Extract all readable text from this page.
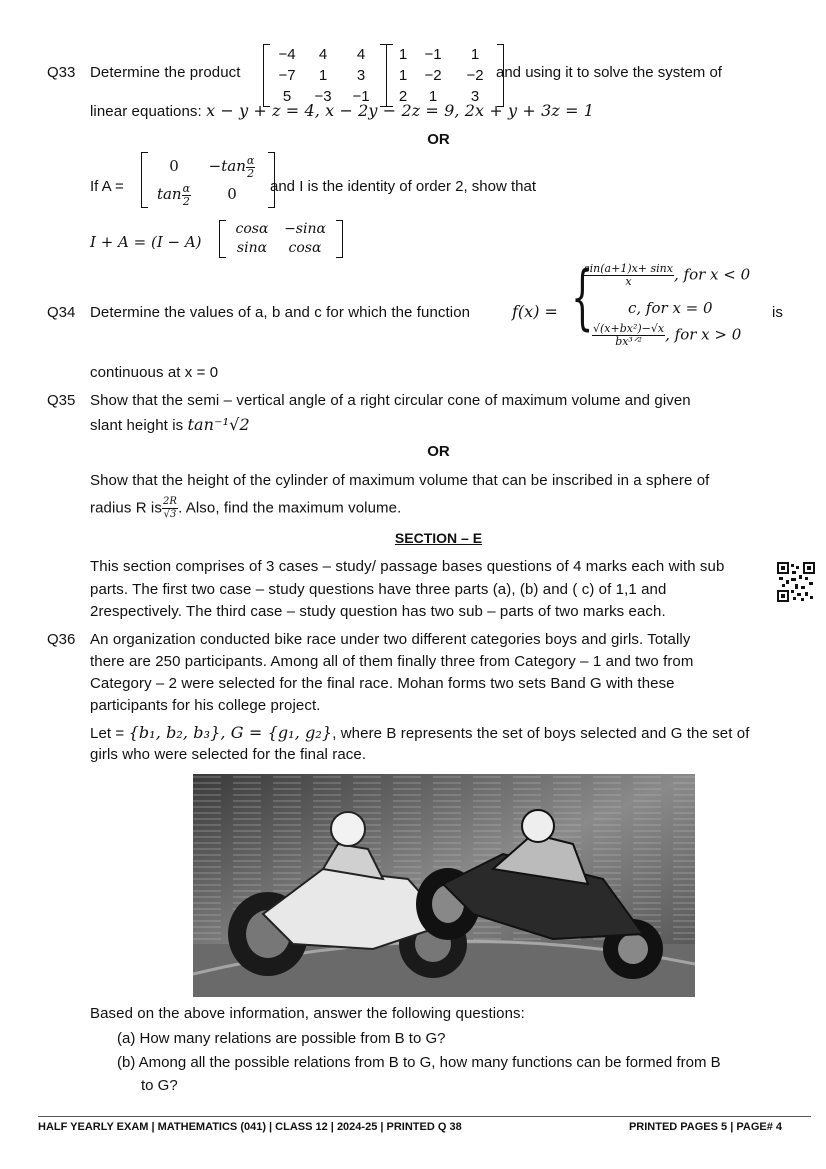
Q33 Determine the product
−4	4	4
−7	1	3
5	−3	−1
1	−1	1
1	−2	−2
2	1	3
and using it to solve the system of
linear equations: x − y + z = 4, x − 2y − 2z = 9, 2x + y + 3z = 1
OR
If A =
0	$-\tan \frac{\alpha}{2}$
$\tan \frac{\alpha}{2}$	0	and I is the identity of order 2, show that
I + A = (I − A)
cosα	−sinα
sinα	cosα
Q34 Determine the values of a, b and c for which the function	f(x) = {
$\frac{\sin(a+1)x+ \sin x}{x}$ , for x < 0
c, for x = 0
$\frac{\text{√(x+bx²)−√x}}{\text{bx³ᐟ²}}$ , for x > 0
is
continuous at x = 0
Q35 Show that the semi – vertical angle of a right circular cone of maximum volume and given
slant height is tan⁻¹√2
OR
Show that the height of the cylinder of maximum volume that can be inscribed in a sphere of
radius R is $\frac{2R}{√3}$ . Also, find the maximum volume.
SECTION – E
This section comprises of 3 cases – study/ passage bases questions of 4 marks each with sub
parts. The first two case – study questions have three parts (a), (b) and ( c) of 1,1 and
2respectively. The third case – study question has two sub – parts of two marks each.
Q36 An organization conducted bike race under two different categories boys and girls. Totally
there are 250 participants. Among all of them finally three from Category – 1 and two from
Category – 2 were selected for the final race. Mohan forms two sets Band G with these
participants for his college project.
Let = {b₁, b₂, b₃}, G = {g₁, g₂}, where B represents the set of boys selected and G the set of
girls who were selected for the final race.
Based on the above information, answer the following questions:
(a) How many relations are possible from B to G?
(b) Among all the possible relations from B to G, how many functions can be formed from B
to G?
HALF YEARLY EXAM | MATHEMATICS (041) | CLASS 12 | 2024-25 | PRINTED Q 38	PRINTED PAGES 5 | PAGE# 4
